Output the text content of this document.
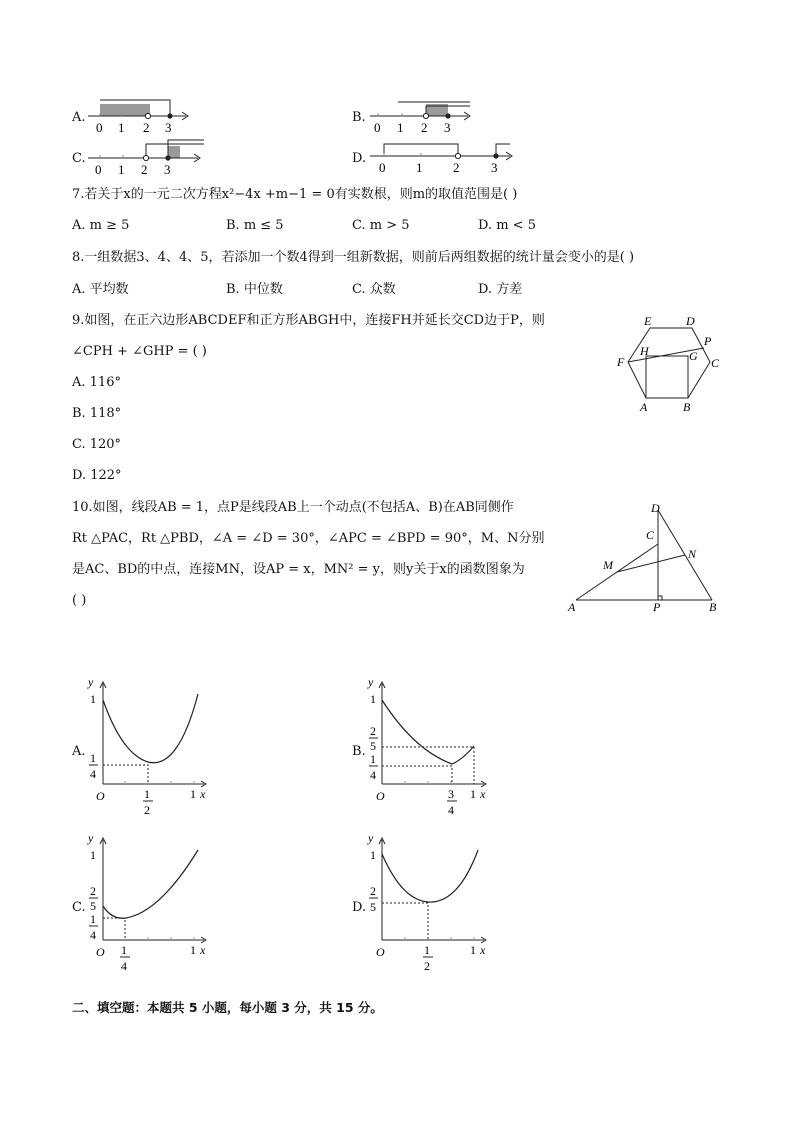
A.
0 1 2 3
B.
0 1 2 3
C.
0 1 2 3
D.
0 1 2 3
7.若关于x的一元二次方程x²−4x +m−1 = 0有实数根，则m的取值范围是( )
A. m ≥ 5	B. m ≤ 5	C. m > 5	D. m < 5
8.一组数据3、4、4、5，若添加一个数4得到一组新数据，则前后两组数据的统计量会变小的是( )
A. 平均数	B. 中位数	C. 众数	D. 方差
9.如图，在正六边形ABCDEF和正方形ABGH中，连接FH并延长交CD边于P，则
∠CPH + ∠GHP = ( )
A. 116°
B. 118°
C. 120°
D. 122°
E	D
P
H	G
F	C
A	B
10.如图，线段AB = 1，点P是线段AB上一个动点(不包括A、B)在AB同侧作
Rt △PAC，Rt △PBD，∠A = ∠D = 30°，∠APC = ∠BPD = 90°，M、N分别
是AC、BD的中点，连接MN，设AP = x，MN² = y，则y关于x的函数图象为
( )
D
C
N
M
A	P	B
A.
y
1
1
4
O	1
2
1 x
B.
y
1
2
5
1
4
O	3
4
1 x
C.
y
1
2
5
1
4
O 1
4
1 x
D.
y
1
2
5
O	1
2
1 x
二、填空题：本题共 5 小题，每小题 3 分，共 15 分。
